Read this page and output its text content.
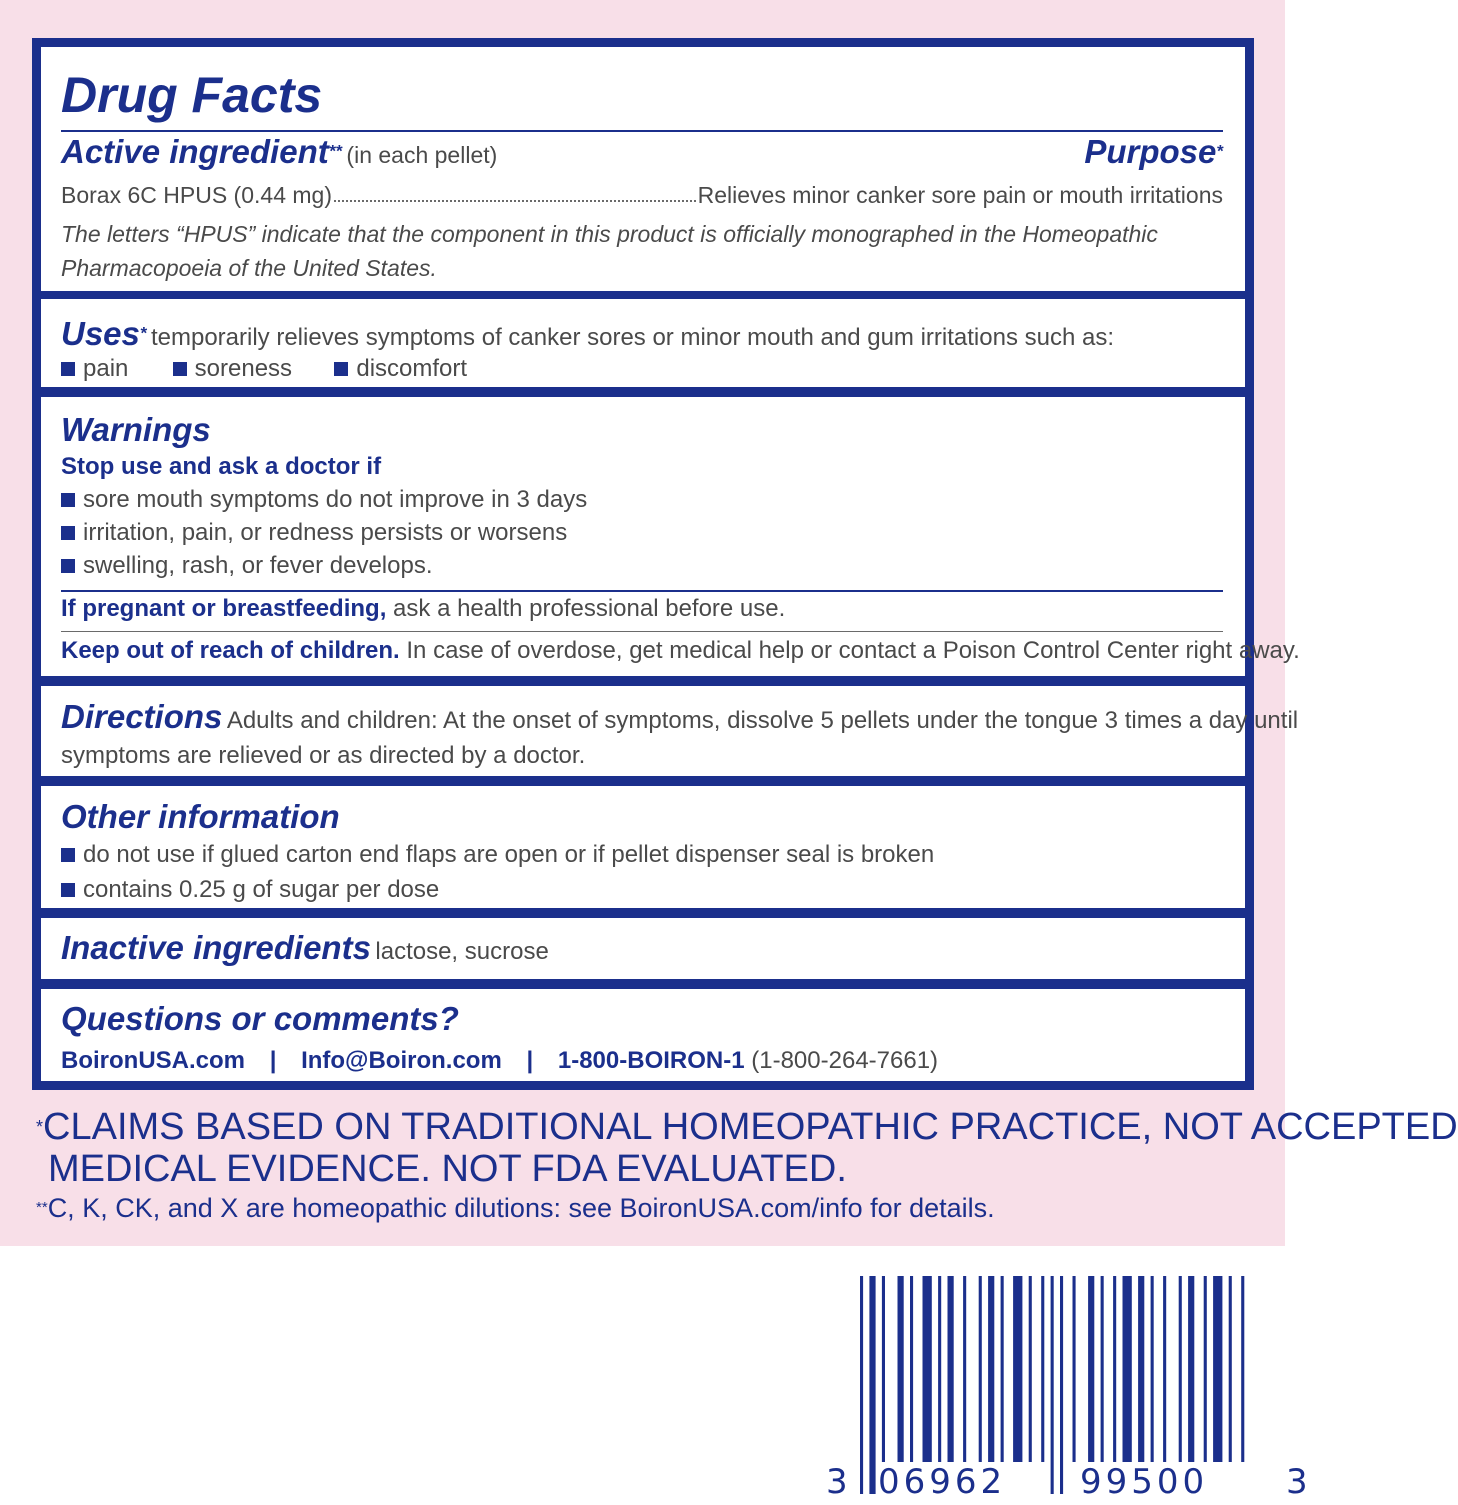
Drug Facts
Active ingredient** (in each pellet)	Purpose*
Borax 6C HPUS (0.44 mg)	Relieves minor canker sore pain or mouth irritations
The letters “HPUS” indicate that the component in this product is officially monographed in the Homeopathic
Pharmacopoeia of the United States.
Uses* temporarily relieves symptoms of canker sores or minor mouth and gum irritations such as:
pain	soreness	discomfort
Warnings
Stop use and ask a doctor if
sore mouth symptoms do not improve in 3 days
irritation, pain, or redness persists or worsens
swelling, rash, or fever develops.
If pregnant or breastfeeding, ask a health professional before use.
Keep out of reach of children. In case of overdose, get medical help or contact a Poison Control Center right away.
Directions Adults and children: At the onset of symptoms, dissolve 5 pellets under the tongue 3 times a day until
symptoms are relieved or as directed by a doctor.
Other information
do not use if glued carton end flaps are open or if pellet dispenser seal is broken
contains 0.25 g of sugar per dose
Inactive ingredients lactose, sucrose
Questions or comments?
BoironUSA.com | Info@Boiron.com | 1-800-BOIRON-1 (1-800-264-7661)
*CLAIMS BASED ON TRADITIONAL HOMEOPATHIC PRACTICE, NOT ACCEPTED
MEDICAL EVIDENCE. NOT FDA EVALUATED.
**C, K, CK, and X are homeopathic dilutions: see BoironUSA.com/info for details.
3 06962 99500 3
